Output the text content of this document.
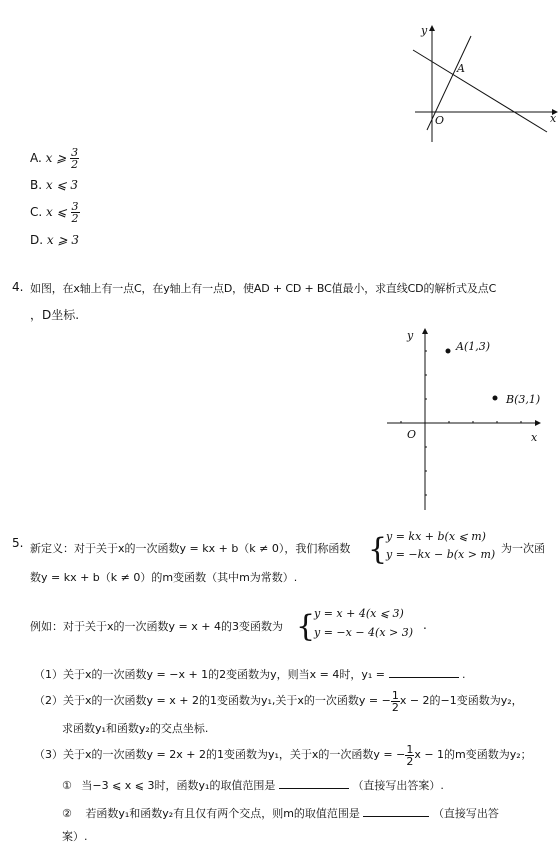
y
x
O
A
A. x ⩾ $\frac{3}{2}$
B. x ⩽ 3
C. x ⩽ $\frac{3}{2}$
D. x ⩾ 3
4. 如图，在x轴上有一点C，在y轴上有一点D，使AD + CD + BC值最小，求直线CD的解析式及点C
，D坐标.
y
x
O
A(1,3)
B(3,1)
5. 新定义：对于关于x的一次函数y = kx + b（k ≠ 0），我们称函数 {
y = kx + b(x ⩽ m)
y = −kx − b(x > m) 为一次函
数y = kx + b（k ≠ 0）的m变函数（其中m为常数）.
例如：对于关于x的一次函数y = x + 4的3变函数为 {
y = x + 4(x ⩽ 3)
y = −x − 4(x > 3)
.
（1）关于x的一次函数y = −x + 1的2变函数为y，则当x = 4时，y₁ =	.
（2）关于x的一次函数y = x + 2的1变函数为y₁,关于x的一次函数y = − $\frac{1}{2}$ x − 2的−1变函数为y₂，
求函数y₁和函数y₂的交点坐标.
（3）关于x的一次函数y = 2x + 2的1变函数为y₁，关于x的一次函数y = − $\frac{1}{2}$ x − 1的m变函数为y₂；
① 当−3 ⩽ x ⩽ 3时，函数y₁的取值范围是	（直接写出答案）.
② 若函数y₁和函数y₂有且仅有两个交点，则m的取值范围是	（直接写出答
案）.
